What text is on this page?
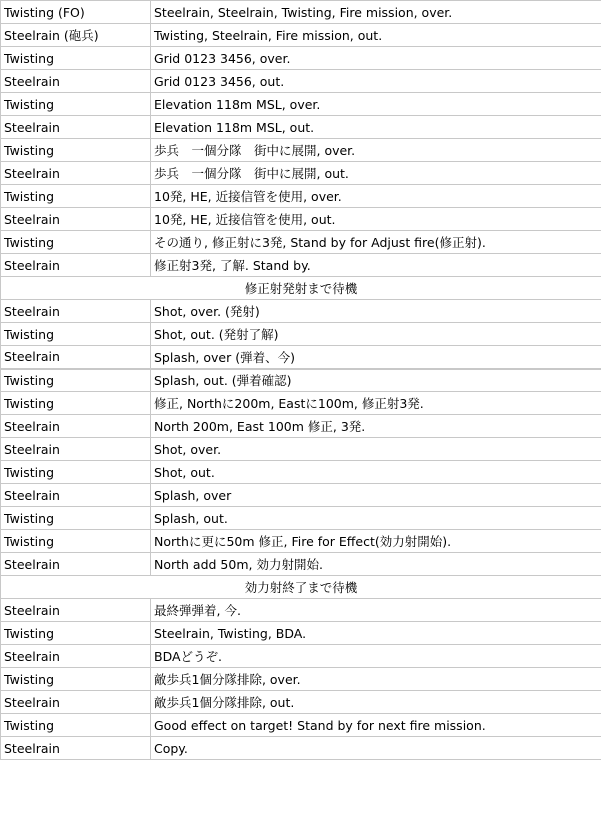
Twisting (FO)	Steelrain, Steelrain, Twisting, Fire mission, over.
Steelrain (砲兵)	Twisting, Steelrain, Fire mission, out.
Twisting	Grid 0123 3456, over.
Steelrain	Grid 0123 3456, out.
Twisting	Elevation 118m MSL, over.
Steelrain	Elevation 118m MSL, out.
Twisting	歩兵　一個分隊　街中に展開, over.
Steelrain	歩兵　一個分隊　街中に展開, out.
Twisting	10発, HE, 近接信管を使用, over.
Steelrain	10発, HE, 近接信管を使用, out.
Twisting	その通り, 修正射に3発, Stand by for Adjust fire(修正射).
Steelrain	修正射3発, 了解. Stand by.
修正射発射まで待機	
Steelrain	Shot, over. (発射)
Twisting	Shot, out. (発射了解)
Steelrain	Splash, over (弾着、今)
Twisting	Splash, out. (弾着確認)
Twisting	修正, Northに200m, Eastに100m, 修正射3発.
Steelrain	North 200m, East 100m 修正, 3発.
Steelrain	Shot, over.
Twisting	Shot, out.
Steelrain	Splash, over
Twisting	Splash, out.
Twisting	Northに更に50m 修正, Fire for Effect(効力射開始).
Steelrain	North add 50m, 効力射開始.
効力射終了まで待機	
Steelrain	最終弾弾着, 今.
Twisting	Steelrain, Twisting, BDA.
Steelrain	BDAどうぞ.
Twisting	敵歩兵1個分隊排除, over.
Steelrain	敵歩兵1個分隊排除, out.
Twisting	Good effect on target! Stand by for next fire mission.
Steelrain	Copy.
